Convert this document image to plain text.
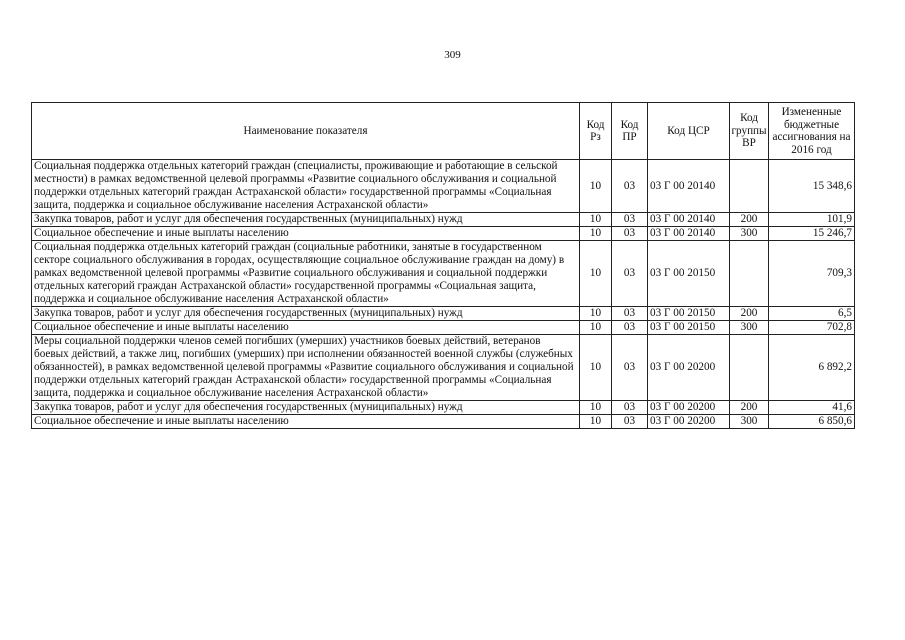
309
Наименование показателя	Код Рз	Код ПР	Код ЦСР	Код группы ВР	Измененные бюджетные ассигнования на 2016 год
Социальная поддержка отдельных категорий граждан (специалисты, проживающие и работающие в сельской местности) в рамках ведомственной целевой программы «Развитие социального обслуживания и социальной поддержки отдельных категорий граждан Астраханской области» государственной программы «Социальная защита, поддержка и социальное обслуживание населения Астраханской области»	10	03	03 Г 00 20140		15 348,6
Закупка товаров, работ и услуг для обеспечения государственных (муниципальных) нужд	10	03	03 Г 00 20140	200	101,9
Социальное обеспечение и иные выплаты населению	10	03	03 Г 00 20140	300	15 246,7
Социальная поддержка отдельных категорий граждан (социальные работники, занятые в государственном секторе социального обслуживания в городах, осуществляющие социальное обслуживание граждан на дому) в рамках ведомственной целевой программы «Развитие социального обслуживания и социальной поддержки отдельных категорий граждан Астраханской области» государственной программы «Социальная защита, поддержка и социальное обслуживание населения Астраханской области»	10	03	03 Г 00 20150		709,3
Закупка товаров, работ и услуг для обеспечения государственных (муниципальных) нужд	10	03	03 Г 00 20150	200	6,5
Социальное обеспечение и иные выплаты населению	10	03	03 Г 00 20150	300	702,8
Меры социальной поддержки членов семей погибших (умерших) участников боевых действий, ветеранов боевых действий, а также лиц, погибших (умерших) при исполнении обязанностей военной службы (служебных обязанностей), в рамках ведомственной целевой программы «Развитие социального обслуживания и социальной поддержки отдельных категорий граждан Астраханской области» государственной программы «Социальная защита, поддержка и социальное обслуживание населения Астраханской области»	10	03	03 Г 00 20200		6 892,2
Закупка товаров, работ и услуг для обеспечения государственных (муниципальных) нужд	10	03	03 Г 00 20200	200	41,6
Социальное обеспечение и иные выплаты населению	10	03	03 Г 00 20200	300	6 850,6
